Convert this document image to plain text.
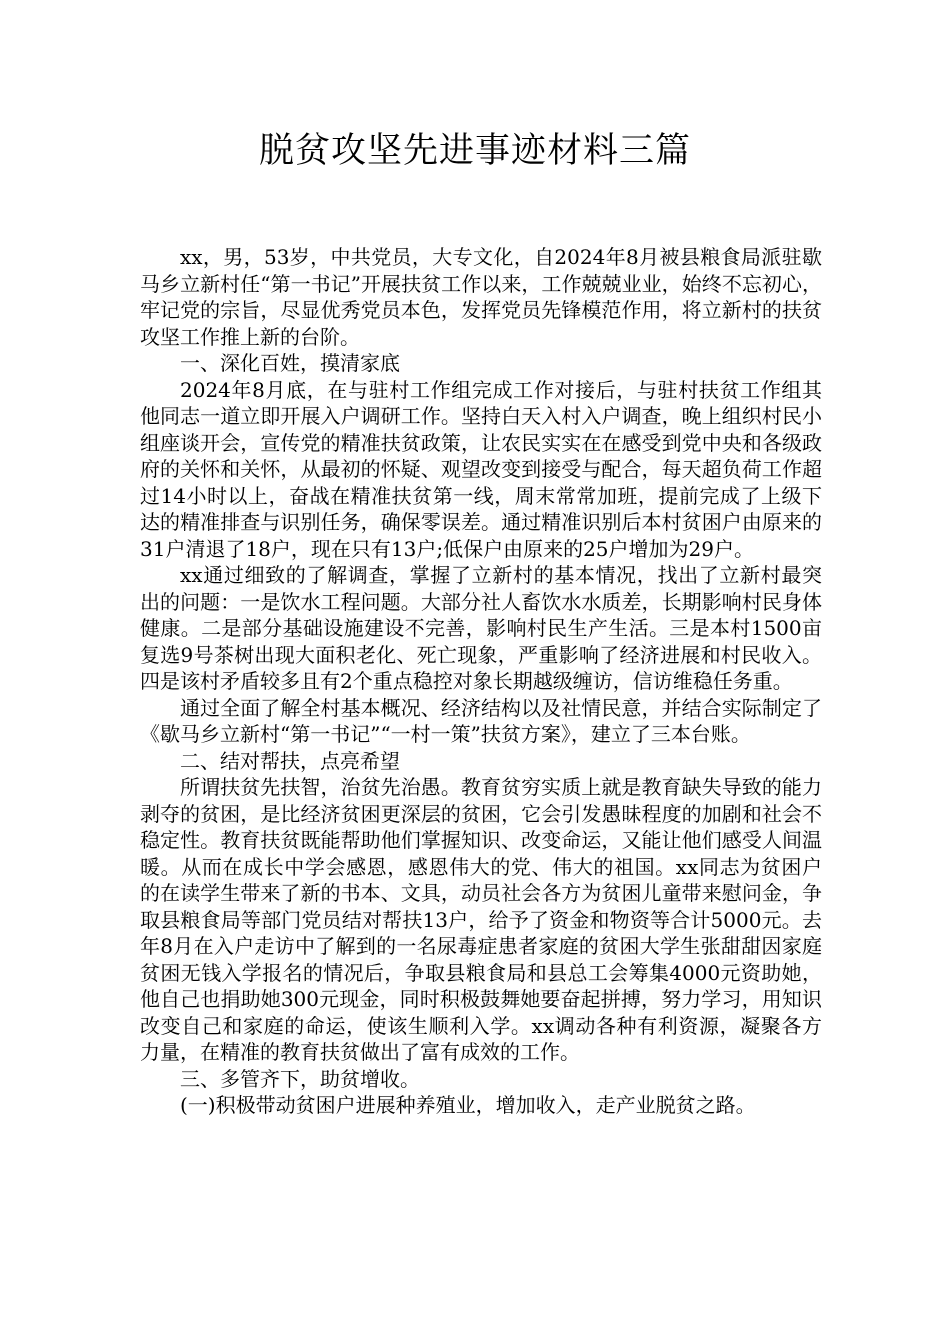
脱贫攻坚先进事迹材料三篇

xx，男，53岁，中共党员，大专文化，自2024年8月被县粮食局派驻歇马乡立新村任“第一书记”开展扶贫工作以来，工作兢兢业业，始终不忘初心，牢记党的宗旨，尽显优秀党员本色，发挥党员先锋模范作用，将立新村的扶贫攻坚工作推上新的台阶。

一、深化百姓，摸清家底

2024年8月底，在与驻村工作组完成工作对接后，与驻村扶贫工作组其他同志一道立即开展入户调研工作。坚持白天入村入户调查，晚上组织村民小组座谈开会，宣传党的精准扶贫政策，让农民实实在在感受到党中央和各级政府的关怀和关怀，从最初的怀疑、观望改变到接受与配合，每天超负荷工作超过14小时以上，奋战在精准扶贫第一线，周末常常加班，提前完成了上级下达的精准排查与识别任务，确保零误差。通过精准识别后本村贫困户由原来的31户清退了18户，现在只有13户;低保户由原来的25户增加为29户。

xx通过细致的了解调查，掌握了立新村的基本情况，找出了立新村最突出的问题：一是饮水工程问题。大部分社人畜饮水水质差，长期影响村民身体健康。二是部分基础设施建设不完善，影响村民生产生活。三是本村1500亩复选9号茶树出现大面积老化、死亡现象，严重影响了经济进展和村民收入。四是该村矛盾较多且有2个重点稳控对象长期越级缠访，信访维稳任务重。

通过全面了解全村基本概况、经济结构以及社情民意，并结合实际制定了《歇马乡立新村“第一书记”“一村一策”扶贫方案》，建立了三本台账。

二、结对帮扶，点亮希望

所谓扶贫先扶智，治贫先治愚。教育贫穷实质上就是教育缺失导致的能力剥夺的贫困，是比经济贫困更深层的贫困，它会引发愚昧程度的加剧和社会不稳定性。教育扶贫既能帮助他们掌握知识、改变命运，又能让他们感受人间温暖。从而在成长中学会感恩，感恩伟大的党、伟大的祖国。xx同志为贫困户的在读学生带来了新的书本、文具，动员社会各方为贫困儿童带来慰问金，争取县粮食局等部门党员结对帮扶13户，给予了资金和物资等合计5000元。去年8月在入户走访中了解到的一名尿毒症患者家庭的贫困大学生张甜甜因家庭贫困无钱入学报名的情况后，争取县粮食局和县总工会筹集4000元资助她，他自己也捐助她300元现金，同时积极鼓舞她要奋起拼搏，努力学习，用知识改变自己和家庭的命运，使该生顺利入学。xx调动各种有利资源，凝聚各方力量，在精准的教育扶贫做出了富有成效的工作。

三、多管齐下，助贫增收。

(一)积极带动贫困户进展种养殖业，增加收入，走产业脱贫之路。
